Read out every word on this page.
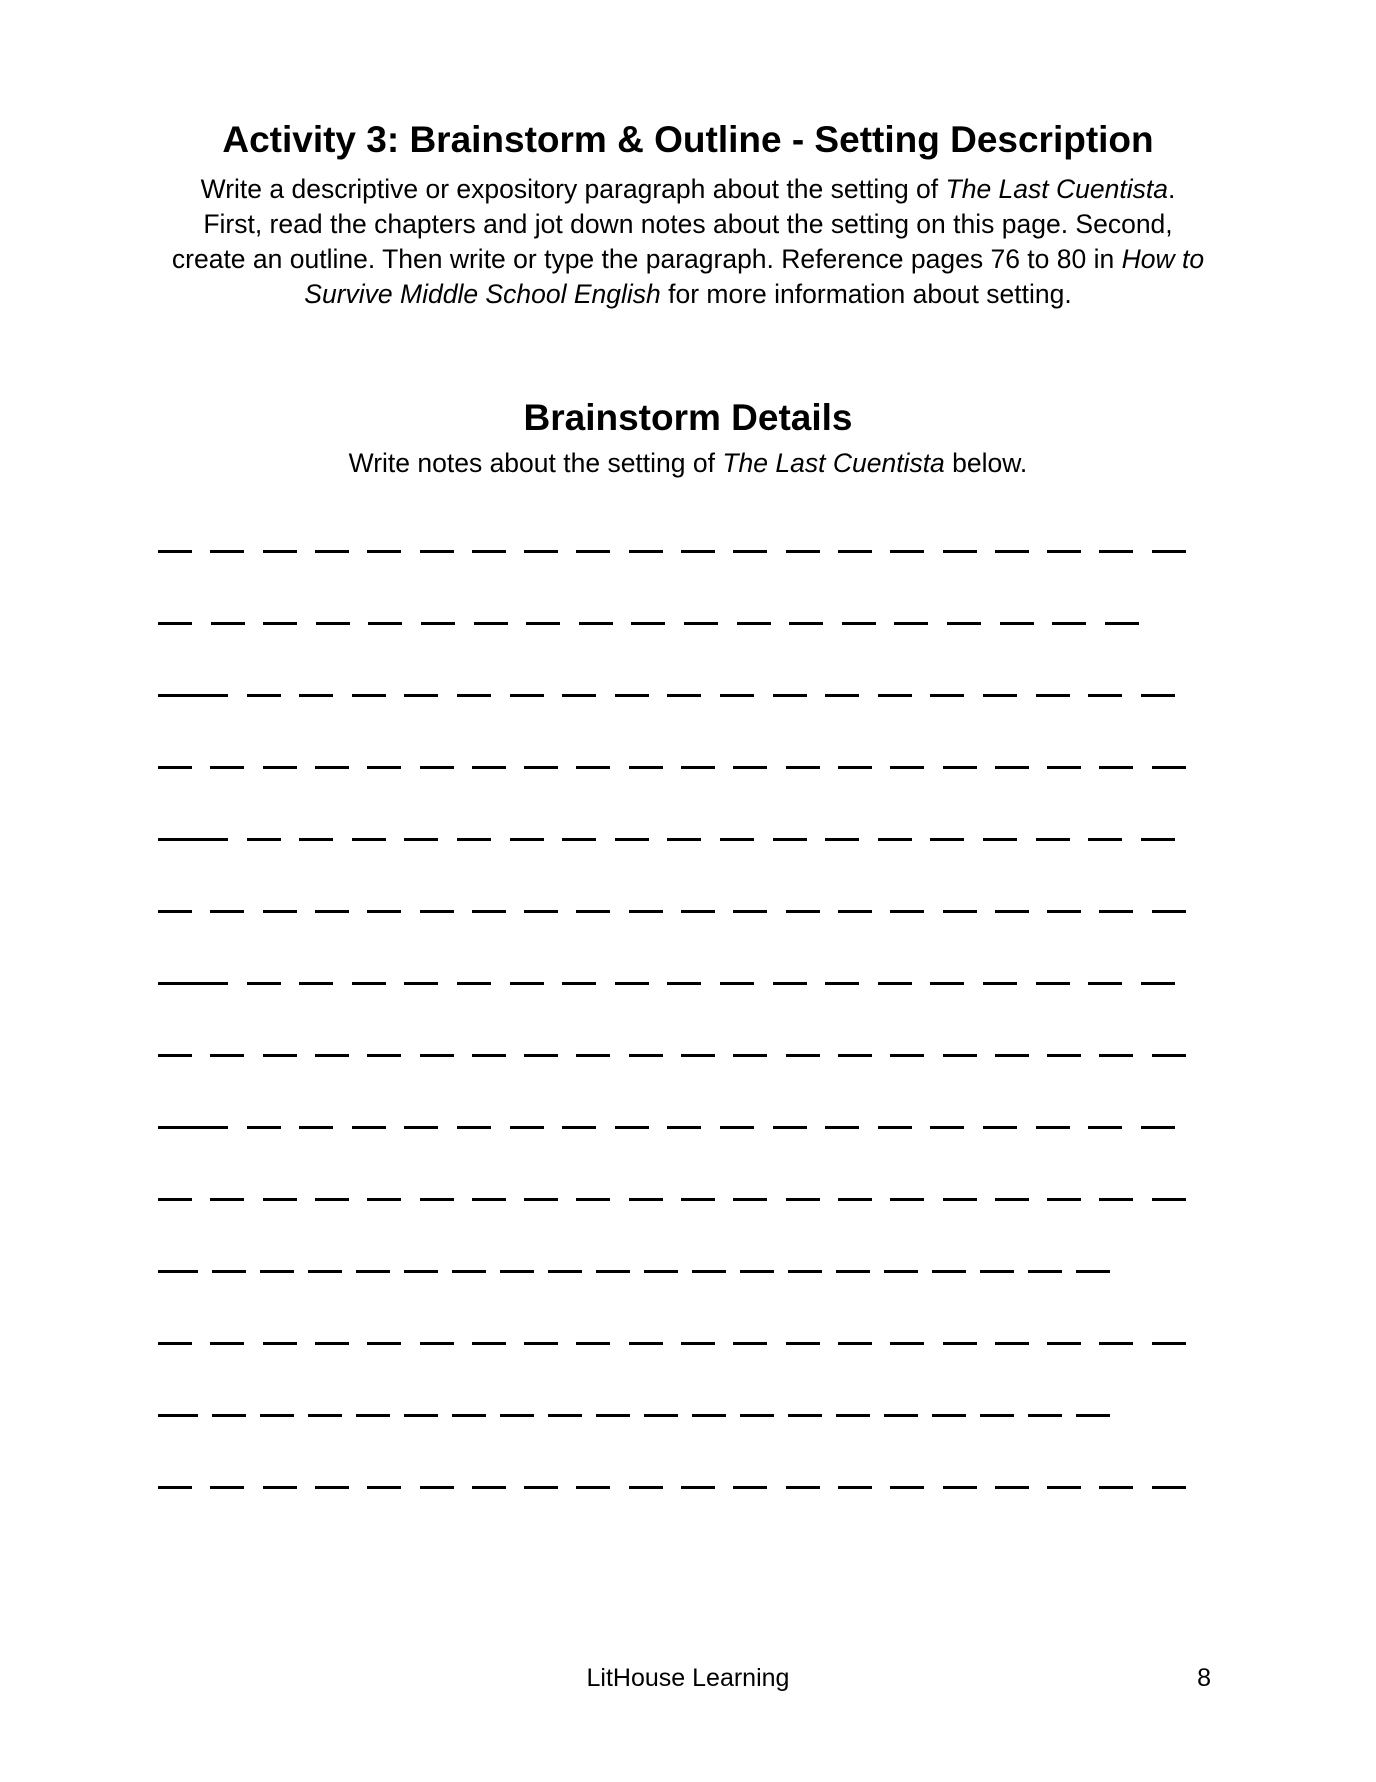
Activity 3: Brainstorm & Outline - Setting Description
Write a descriptive or expository paragraph about the setting of The Last Cuentista.
First, read the chapters and jot down notes about the setting on this page. Second,
create an outline. Then write or type the paragraph. Reference pages 76 to 80 in How to
Survive Middle School English for more information about setting.
Brainstorm Details

Write notes about the setting of The Last Cuentista below.

LitHouse Learning	8
